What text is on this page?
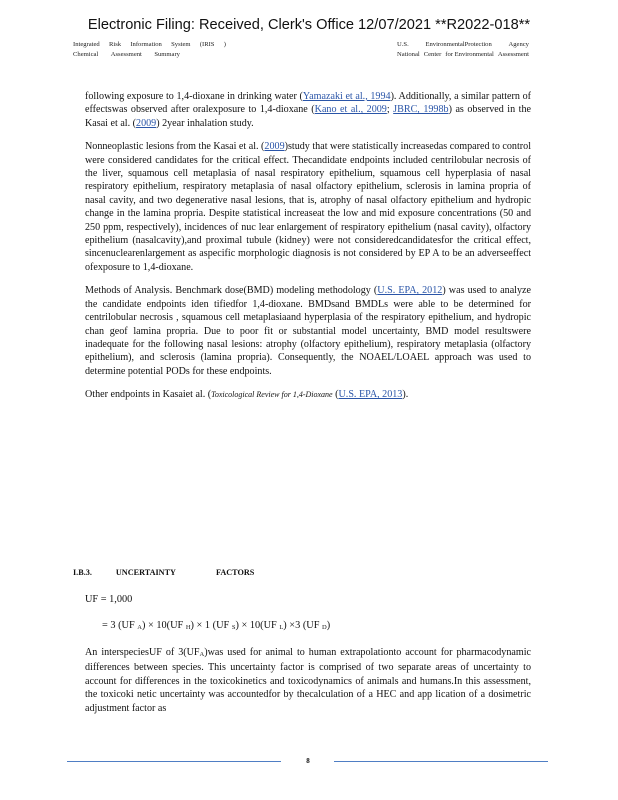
Electronic Filing: Received, Clerk's Office 12/07/2021 **R2022-018**
Integrated Risk Information System (IRIS )
Chemical Assessment Summary
U.S.	EnvironmentalProtection	Agency
National Center for Environmental Assessment

following exposure to 1,4-dioxane in drinking water (Yamazaki et al., 1994). Additionally, a similar pattern of effectswas observed after oralexposure to 1,4-dioxane (Kano et al., 2009; JBRC, 1998b) as observed in the Kasai et al. (2009) 2year inhalation study.

Nonneoplastic lesions from the Kasai et al. (2009)study that were statistically increasedas compared to control were considered candidates for the critical effect. Thecandidate endpoints included centrilobular necrosis of the liver, squamous cell metaplasia of nasal respiratory epithelium, squamous cell hyperplasia of nasal respiratory epithelium, respiratory metaplasia of nasal olfactory epithelium, sclerosis in lamina propria of nasal cavity, and two degenerative nasal lesions, that is, atrophy of nasal olfactory epithelium and hydropic change in the lamina propria. Despite statistical increaseat the low and mid exposure concentrations (50 and 250 ppm, respectively), incidences of nuc lear enlargement of respiratory epithelium (nasal cavity), olfactory epithelium (nasalcavity),and proximal tubule (kidney) were not consideredcandidatesfor the critical effect, sincenuclearenlargement as aspecific morphologic diagnosis is not considered by EP A to be an adverseeffect ofexposure to 1,4-dioxane.

Methods of Analysis. Benchmark dose(BMD) modeling methodology (U.S. EPA, 2012) was used to analyze the candidate endpoints iden tifiedfor 1,4-dioxane. BMDsand BMDLs were able to be determined for centrilobular necrosis , squamous cell metaplasiaand hyperplasia of the respiratory epithelium, and hydropic chan geof lamina propria. Due to poor fit or substantial model uncertainty, BMD model resultswere inadequate for the following nasal lesions: atrophy (olfactory epithelium), respiratory metaplasia (olfactory epithelium), and sclerosis (lamina propria). Consequently, the NOAEL/LOAEL approach was used to determine potential PODs for these endpoints.

Other endpoints in Kasaiet al. (Toxicological Review for 1,4-Dioxane (U.S. EPA, 2013).

I.B.3.	UNCERTAINTY	FACTORS
UF = 1,000
= 3 (UF A) × 10(UF H) × 1 (UF S) × 10(UF L) ×3 (UF D)
An interspeciesUF of 3(UFA)was used for animal to human extrapolationto account for pharmacodynamic differences between species. This uncertainty factor is comprised of two separate areas of uncertainty to account for differences in the toxicokinetics and toxicodynamics of animals and humans.In this assessment, the toxicoki netic uncertainty was accountedfor by thecalculation of a HEC and app lication of a dosimetric adjustment factor as
8
